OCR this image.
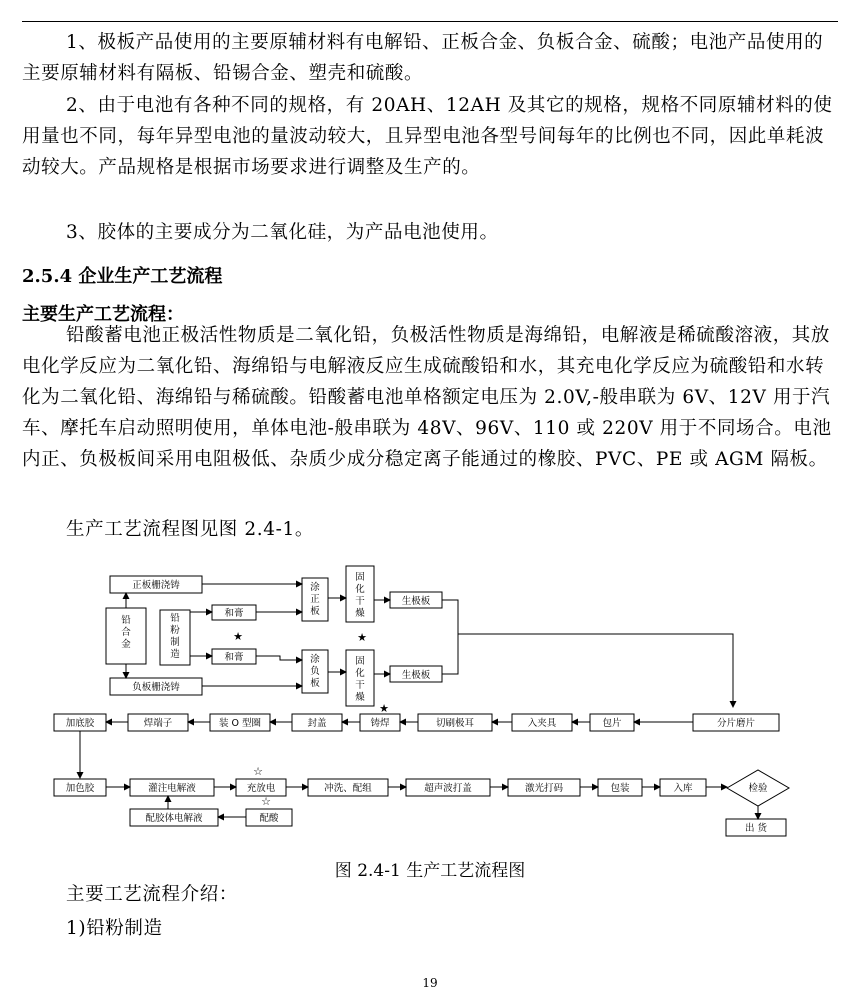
1、极板产品使用的主要原辅材料有电解铅、正板合金、负板合金、硫酸；电池产品使用的主要原辅材料有隔板、铅锡合金、塑壳和硫酸。

2、由于电池有各种不同的规格，有 20AH、12AH 及其它的规格，规格不同原辅材料的使用量也不同，每年异型电池的量波动较大，且异型电池各型号间每年的比例也不同，因此单耗波动较大。产品规格是根据市场要求进行调整及生产的。

3、胶体的主要成分为二氧化硅，为产品电池使用。

2.5.4 企业生产工艺流程

主要生产工艺流程：

铅酸蓄电池正极活性物质是二氧化铅，负极活性物质是海绵铅，电解液是稀硫酸溶液，其放电化学反应为二氧化铅、海绵铅与电解液反应生成硫酸铅和水，其充电化学反应为硫酸铅和水转化为二氧化铅、海绵铅与稀硫酸。铅酸蓄电池单格额定电压为 2.0V,-般串联为 6V、12V 用于汽车、摩托车启动照明使用，单体电池-般串联为 48V、96V、110 或 220V 用于不同场合。电池内正、负极板间采用电阻极低、杂质少成分稳定离子能通过的橡胶、PVC、PE 或 AGM 隔板。

生产工艺流程图见图 2.4-1。

正板栅浇铸
铅
合
金
铅
粉
制
造
和膏
和膏
★
涂
正
板
涂
负
板
固
化
干
燥
★
固
化
干
燥
生极板
生极板
负板栅浇铸
分片磨片
包片
入夹具
切刷极耳
铸焊
★
封盖
装 O 型圈
焊端子
加底胶
加色胶	灌注电解液	充放电
☆
☆
冲洗、配组	超声波打盖	激光打码	包装	入库	检验
出 货
配胶体电解液	配酸
图 2.4-1 生产工艺流程图

主要工艺流程介绍：

1)铅粉制造

19
